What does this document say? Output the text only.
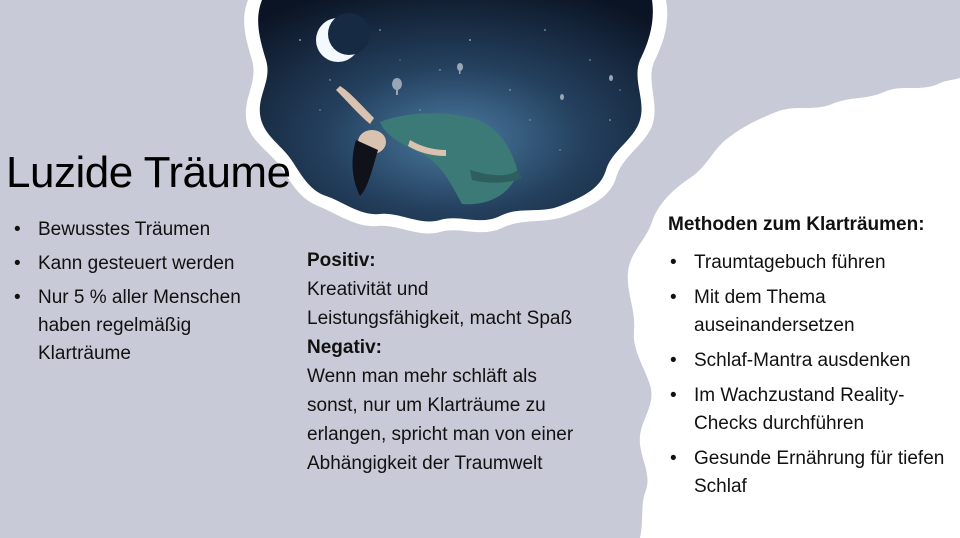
Luzide Träume
• Bewusstes Träumen
• Kann gesteuert werden
• Nur 5 % aller Menschen haben regelmäßig Klarträume
Positiv:
Kreativität und Leistungsfähigkeit, macht Spaß
Negativ:
Wenn man mehr schläft als sonst, nur um Klarträume zu erlangen, spricht man von einer Abhängigkeit der Traumwelt
Methoden zum Klarträumen:
• Traumtagebuch führen
• Mit dem Thema auseinandersetzen
• Schlaf-Mantra ausdenken
• Im Wachzustand Reality-Checks durchführen
• Gesunde Ernährung für tiefen Schlaf
